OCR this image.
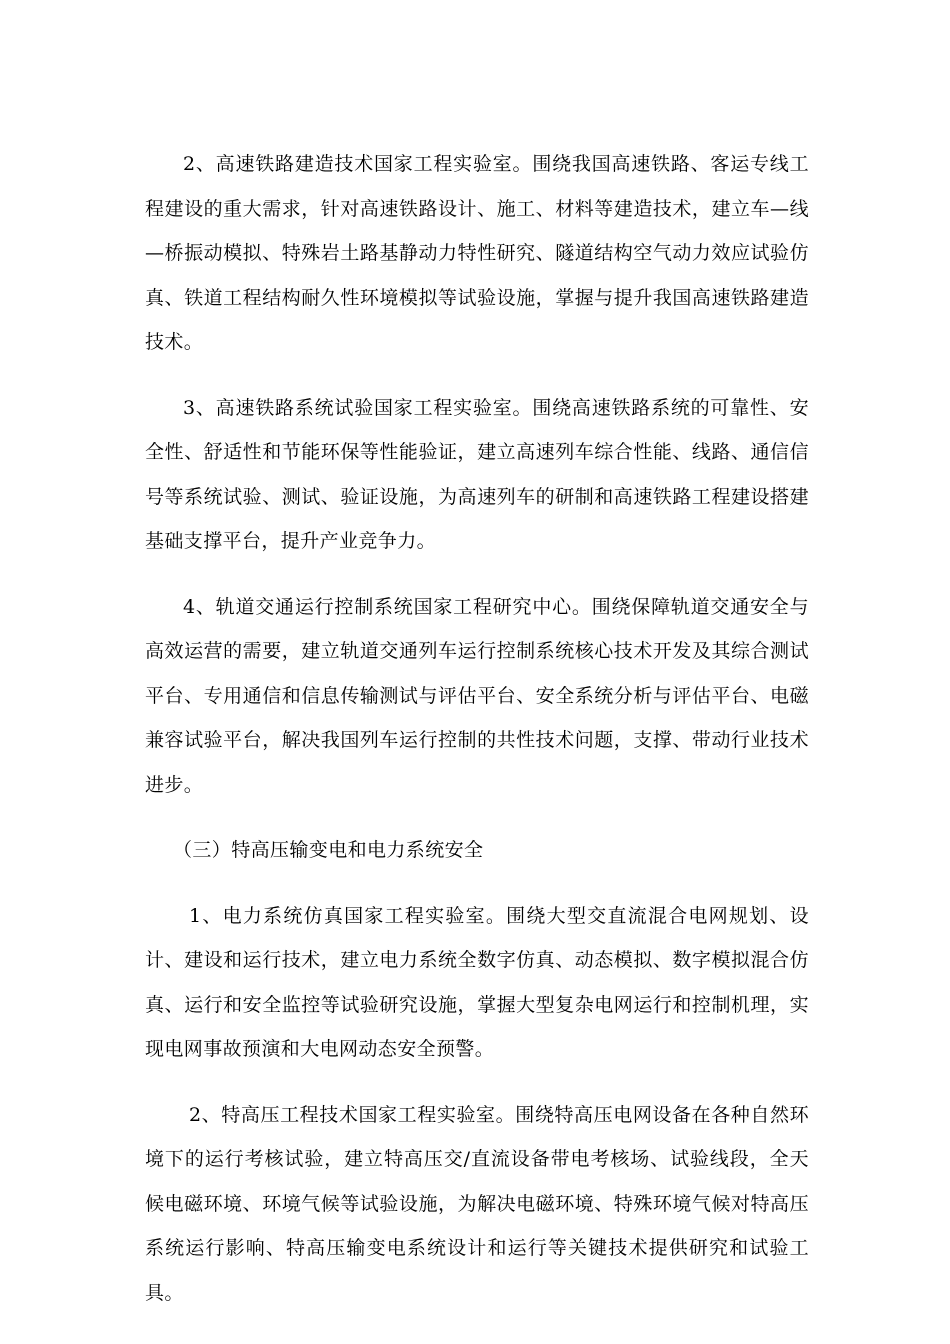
2、高速铁路建造技术国家工程实验室。围绕我国高速铁路、客运专线工程建设的重大需求，针对高速铁路设计、施工、材料等建造技术，建立车—线—桥振动模拟、特殊岩土路基静动力特性研究、隧道结构空气动力效应试验仿真、铁道工程结构耐久性环境模拟等试验设施，掌握与提升我国高速铁路建造技术。

3、高速铁路系统试验国家工程实验室。围绕高速铁路系统的可靠性、安全性、舒适性和节能环保等性能验证，建立高速列车综合性能、线路、通信信号等系统试验、测试、验证设施，为高速列车的研制和高速铁路工程建设搭建基础支撑平台，提升产业竞争力。

4、轨道交通运行控制系统国家工程研究中心。围绕保障轨道交通安全与高效运营的需要，建立轨道交通列车运行控制系统核心技术开发及其综合测试平台、专用通信和信息传输测试与评估平台、安全系统分析与评估平台、电磁兼容试验平台，解决我国列车运行控制的共性技术问题，支撑、带动行业技术进步。

（三）特高压输变电和电力系统安全

1、电力系统仿真国家工程实验室。围绕大型交直流混合电网规划、设计、建设和运行技术，建立电力系统全数字仿真、动态模拟、数字模拟混合仿真、运行和安全监控等试验研究设施，掌握大型复杂电网运行和控制机理，实现电网事故预演和大电网动态安全预警。

2、特高压工程技术国家工程实验室。围绕特高压电网设备在各种自然环境下的运行考核试验，建立特高压交/直流设备带电考核场、试验线段，全天候电磁环境、环境气候等试验设施，为解决电磁环境、特殊环境气候对特高压系统运行影响、特高压输变电系统设计和运行等关键技术提供研究和试验工具。
